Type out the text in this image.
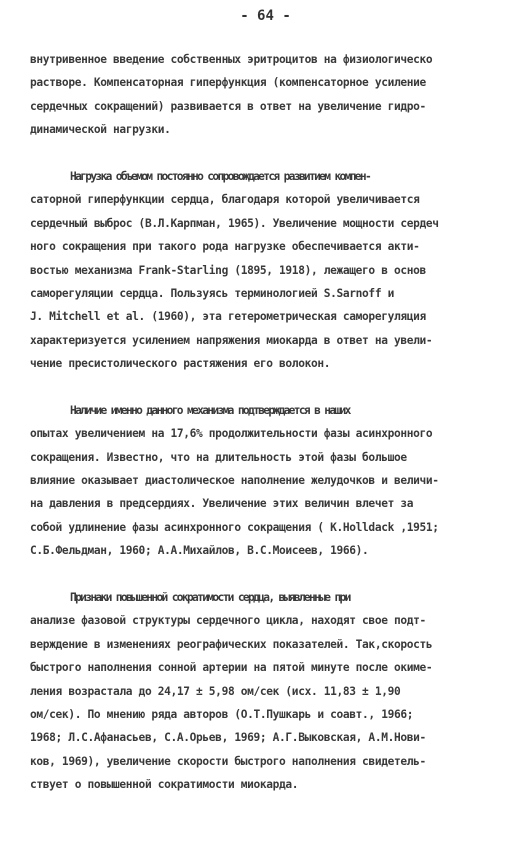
- 64 -
внутривенное введение собственных эритроцитов на физиологическо
растворе. Компенсаторная гиперфункция (компенсаторное усиление
сердечных сокращений) развивается в ответ на увеличение гидро-
динамической нагрузки.
Нагрузка объемом постоянно сопровождается развитием компен-
саторной гиперфункции сердца, благодаря которой увеличивается
сердечный выброс (В.Л.Карпман, 1965). Увеличение мощности сердеч
ного сокращения при такого рода нагрузке обеспечивается акти-
востью механизма Frank-Starling (1895, 1918), лежащего в основ
саморегуляции сердца. Пользуясь терминологией S.Sarnoff и
J. Mitchell et al. (1960), эта гетерометрическая саморегуляция
характеризуется усилением напряжения миокарда в ответ на увели-
чение пресистолического растяжения его волокон.
Наличие именно данного механизма подтверждается в наших
опытах увеличением на 17,6% продолжительности фазы асинхронного
сокращения. Известно, что на длительность этой фазы большое
влияние оказывает диастолическое наполнение желудочков и величи-
на давления в предсердиях. Увеличение этих величин влечет за
собой удлинение фазы асинхронного сокращения ( K.Holldack ,1951;
С.Б.Фельдман, 1960; А.А.Михайлов, В.С.Моисеев, 1966).
Признаки повышенной сократимости сердца, выявленные при
анализе фазовой структуры сердечного цикла, находят свое подт-
верждение в изменениях реографических показателей. Так,скорость
быстрого наполнения сонной артерии на пятой минуте после окиме-
ления возрастала до 24,17 ± 5,98 ом/сек (исх. 11,83 ± 1,90
ом/сек). По мнению ряда авторов (О.Т.Пушкарь и соавт., 1966;
1968; Л.С.Афанасьев, С.А.Орьев, 1969; А.Г.Выковская, А.М.Нови-
ков, 1969), увеличение скорости быстрого наполнения свидетель-
ствует о повышенной сократимости миокарда.
